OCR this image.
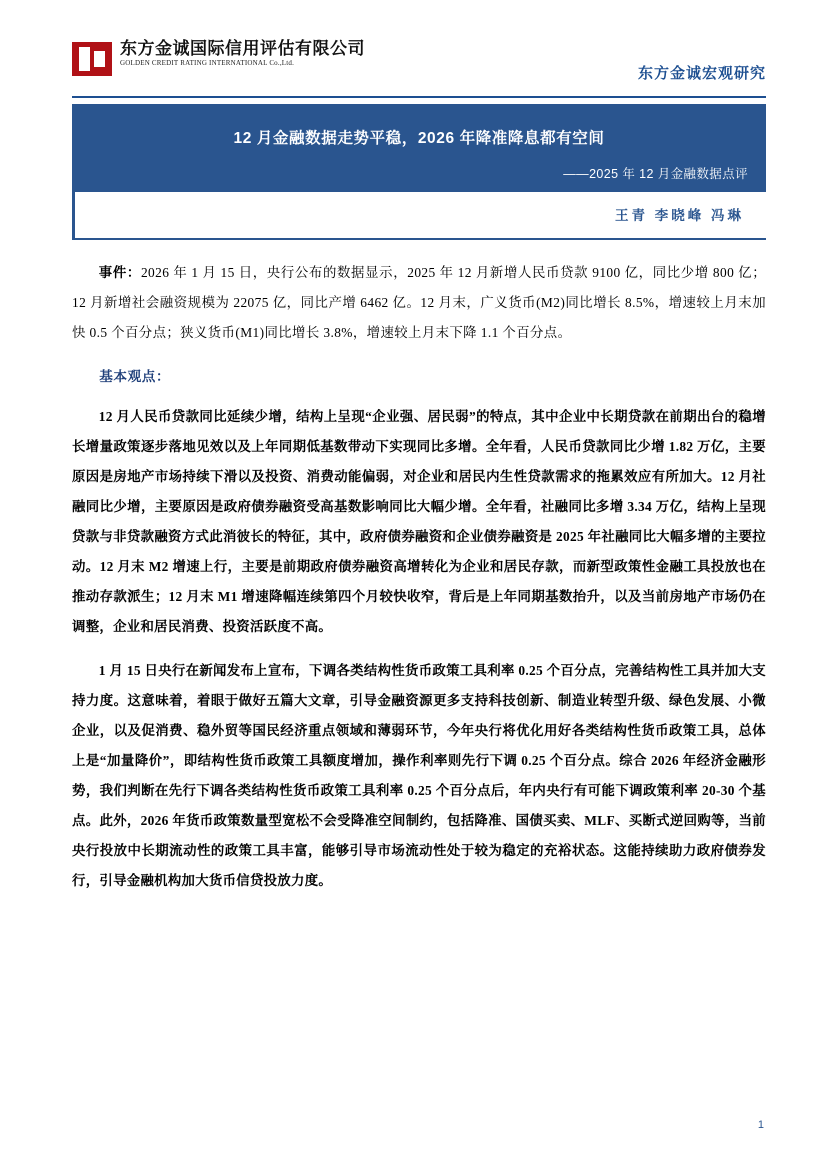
东方金诚国际信用评估有限公司
GOLDEN CREDIT RATING INTERNATIONAL Co.,Ltd.
东方金诚宏观研究
12 月金融数据走势平稳，2026 年降准降息都有空间
——2025 年 12 月金融数据点评
王青 李晓峰 冯琳

事件：2026 年 1 月 15 日，央行公布的数据显示，2025 年 12 月新增人民币贷款 9100 亿，同比少增 800 亿；12 月新增社会融资规模为 22075 亿，同比产增 6462 亿。12 月末，广义货币(M2)同比增长 8.5%，增速较上月末加快 0.5 个百分点；狭义货币(M1)同比增长 3.8%，增速较上月末下降 1.1 个百分点。

基本观点：

12 月人民币贷款同比延续少增，结构上呈现“企业强、居民弱”的特点，其中企业中长期贷款在前期出台的稳增长增量政策逐步落地见效以及上年同期低基数带动下实现同比多增。全年看，人民币贷款同比少增 1.82 万亿，主要原因是房地产市场持续下滑以及投资、消费动能偏弱，对企业和居民内生性贷款需求的拖累效应有所加大。12 月社融同比少增，主要原因是政府债券融资受高基数影响同比大幅少增。全年看，社融同比多增 3.34 万亿，结构上呈现贷款与非贷款融资方式此消彼长的特征，其中，政府债券融资和企业债券融资是 2025 年社融同比大幅多增的主要拉动。12 月末 M2 增速上行，主要是前期政府债券融资高增转化为企业和居民存款，而新型政策性金融工具投放也在推动存款派生；12 月末 M1 增速降幅连续第四个月较快收窄，背后是上年同期基数抬升，以及当前房地产市场仍在调整，企业和居民消费、投资活跃度不高。

1 月 15 日央行在新闻发布上宣布，下调各类结构性货币政策工具利率 0.25 个百分点，完善结构性工具并加大支持力度。这意味着，着眼于做好五篇大文章，引导金融资源更多支持科技创新、制造业转型升级、绿色发展、小微企业，以及促消费、稳外贸等国民经济重点领域和薄弱环节，今年央行将优化用好各类结构性货币政策工具，总体上是“加量降价”，即结构性货币政策工具额度增加，操作利率则先行下调 0.25 个百分点。综合 2026 年经济金融形势，我们判断在先行下调各类结构性货币政策工具利率 0.25 个百分点后，年内央行有可能下调政策利率 20-30 个基点。此外，2026 年货币政策数量型宽松不会受降准空间制约，包括降准、国债买卖、MLF、买断式逆回购等，当前央行投放中长期流动性的政策工具丰富，能够引导市场流动性处于较为稳定的充裕状态。这能持续助力政府债券发行，引导金融机构加大货币信贷投放力度。

1
